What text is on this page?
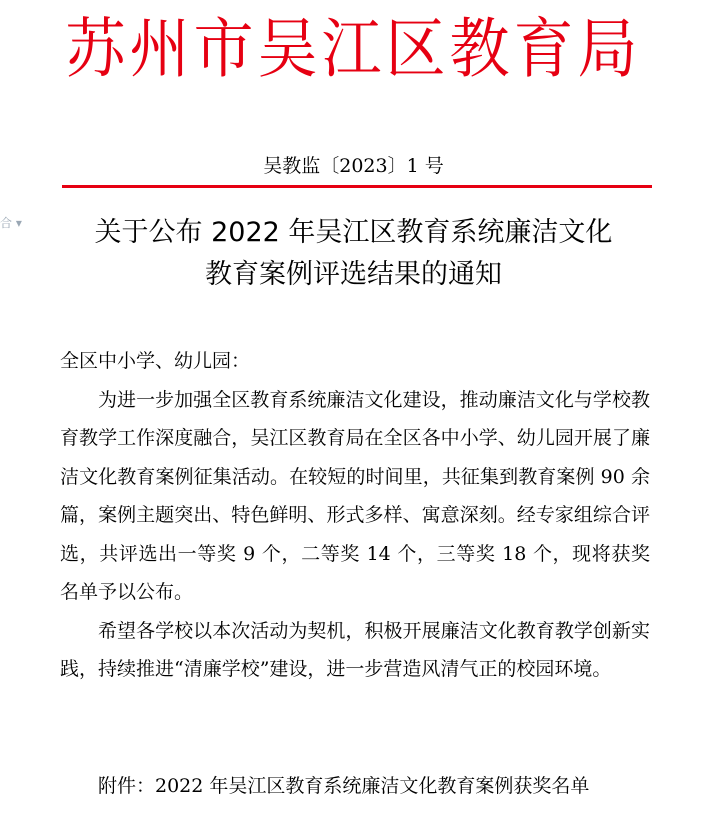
苏州市吴江区教育局
吴教监〔2023〕1 号
合 ▾	关于公布 2022 年吴江区教育系统廉洁文化
教育案例评选结果的通知

全区中小学、幼儿园：

为进一步加强全区教育系统廉洁文化建设，推动廉洁文化与学校教育教学工作深度融合，吴江区教育局在全区各中小学、幼儿园开展了廉洁文化教育案例征集活动。在较短的时间里，共征集到教育案例 90 余篇，案例主题突出、特色鲜明、形式多样、寓意深刻。经专家组综合评选，共评选出一等奖 9 个，二等奖 14 个，三等奖 18 个，现将获奖名单予以公布。

希望各学校以本次活动为契机，积极开展廉洁文化教育教学创新实践，持续推进“清廉学校”建设，进一步营造风清气正的校园环境。

附件：2022 年吴江区教育系统廉洁文化教育案例获奖名单
